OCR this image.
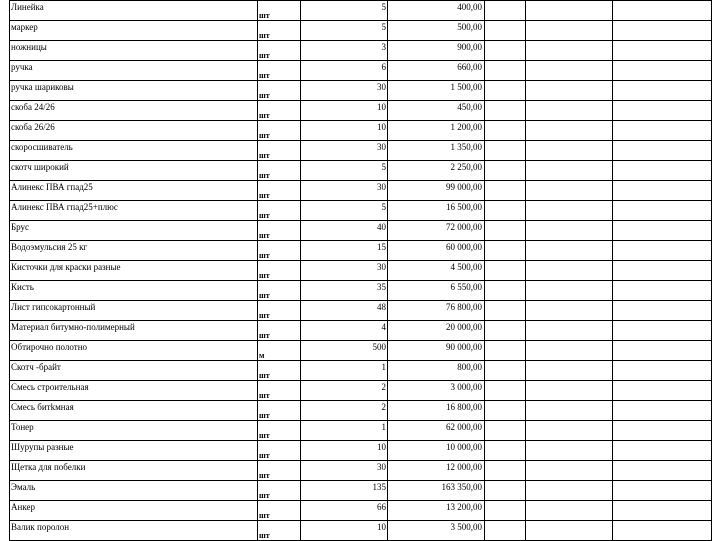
Линейка	шт	5	400,00			
маркер	шт	5	500,00			
ножницы	шт	3	900,00			
ручка	шт	6	660,00			
ручка шариковы	шт	30	1 500,00			
скоба 24/26	шт	10	450,00			
скоба 26/26	шт	10	1 200,00			
скоросшиватель	шт	30	1 350,00			
скотч широкий	шт	5	2 250,00			
Алинекс ПВА гпад25	шт	30	99 000,00			
Алинекс ПВА гпад25+плюс	шт	5	16 500,00			
Брус	шт	40	72 000,00			
Водоэмульсия 25 кг	шт	15	60 000,00			
Кисточки для краски разные	шт	30	4 500,00			
Кисть	шт	35	6 550,00			
Лист гипсокартонный	шт	48	76 800,00			
Материал битумно-полимерный	шт	4	20 000,00			
Обтирочно полотно	м	500	90 000,00			
Скотч -брайт	шт	1	800,00			
Смесь строительная	шт	2	3 000,00			
Смесь битkмная	шт	2	16 800,00			
Тонер	шт	1	62 000,00			
Шурупы разные	шт	10	10 000,00			
Щетка для побелки	шт	30	12 000,00			
Эмаль	шт	135	163 350,00			
Анкер	шт	66	13 200,00			
Валик поролон	шт	10	3 500,00			
